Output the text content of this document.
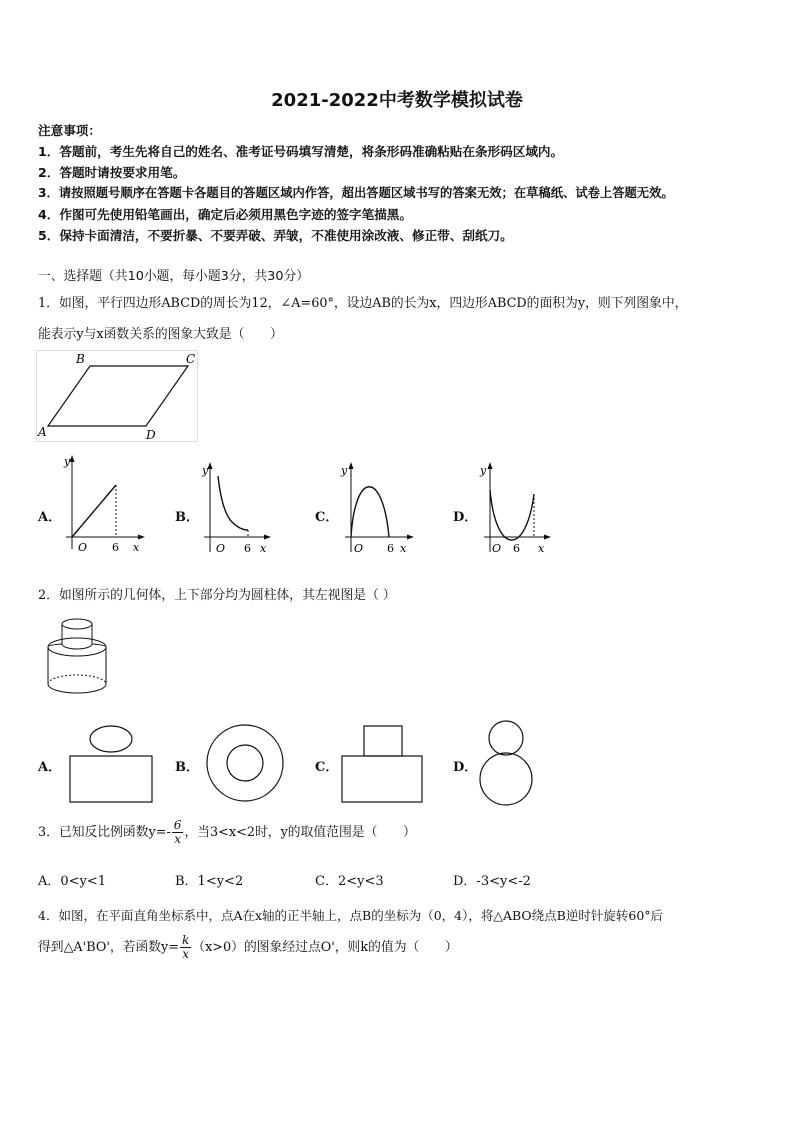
2021-2022中考数学模拟试卷
注意事项：
1．答题前，考生先将自己的姓名、准考证号码填写清楚，将条形码准确粘贴在条形码区域内。
2．答题时请按要求用笔。
3．请按照题号顺序在答题卡各题目的答题区域内作答，超出答题区域书写的答案无效；在草稿纸、试卷上答题无效。
4．作图可先使用铅笔画出，确定后必须用黑色字迹的签字笔描黑。
5．保持卡面清洁，不要折暴、不要弄破、弄皱，不准使用涂改液、修正带、刮纸刀。
一、选择题（共10小题，每小题3分，共30分）
1．如图，平行四边形ABCD的周长为12，∠A=60°，设边AB的长为x，四边形ABCD的面积为y，则下列图象中，
能表示y与x函数关系的图象大致是（　　）
B	C
A	D
A．	B．	C．	D．
y
O 6 x
y
O 6 x
y
O 6 x
y
O 6 x
2．如图所示的几何体，上下部分均为圆柱体，其左视图是（ ）
A．	B．	C．	D．
3．已知反比例函数$y=- \frac{6}{x}$ ，当3<x<2时，y的取值范围是（　　）
A．0<y<1	B．1<y<2	C．2<y<3	D．-3<y<-2
4．如图，在平面直角坐标系中，点A在x轴的正半轴上，点B的坐标为（0，4），将△ABO绕点B逆时针旋转60°后
得到△A'BO'，若函数$y= \frac{k}{x} (x>0)$的图象经过点O'，则k的值为（　　）
